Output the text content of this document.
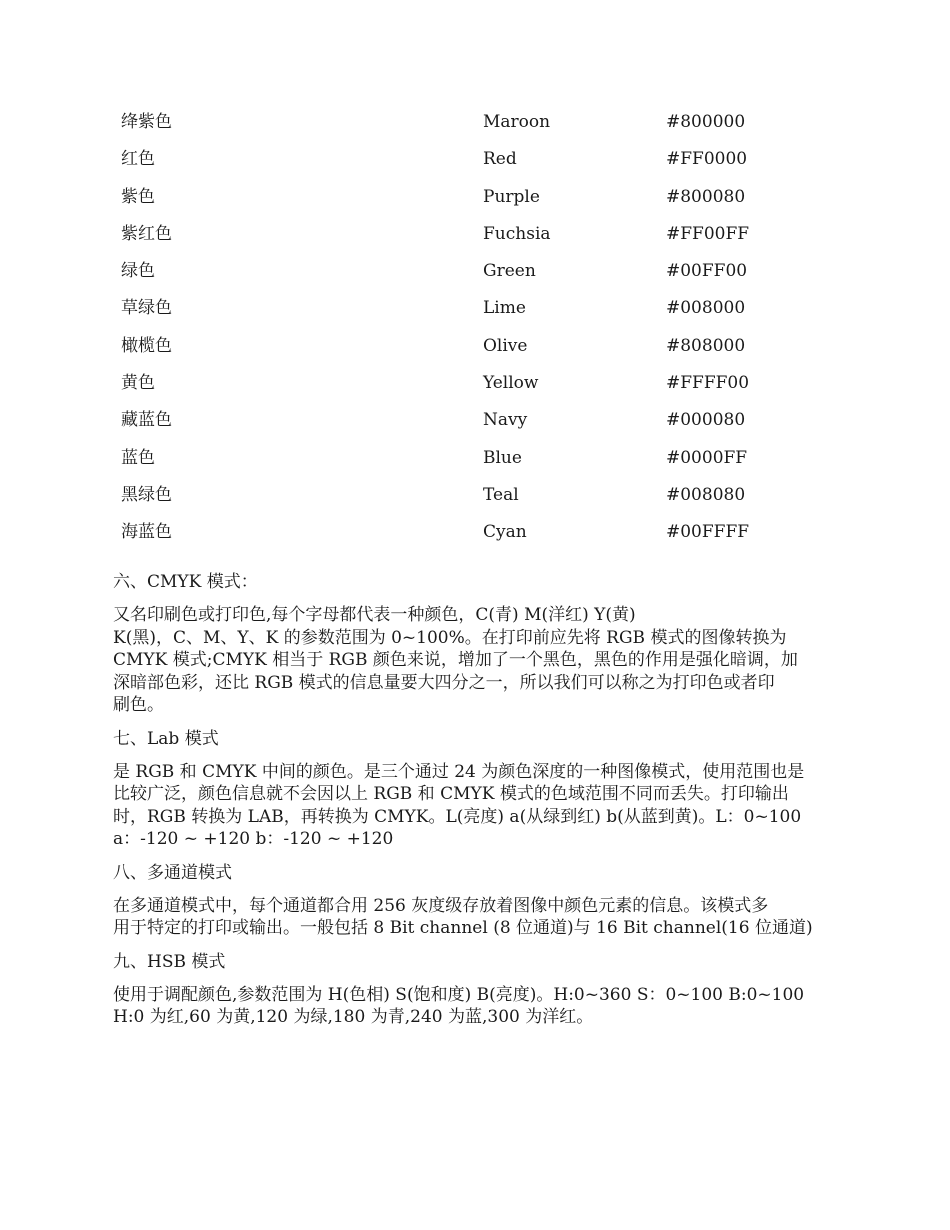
绛紫色	Maroon	#800000
红色	Red	#FF0000
紫色	Purple	#800080
紫红色	Fuchsia	#FF00FF
绿色	Green	#00FF00
草绿色	Lime	#008000
橄榄色	Olive	#808000
黄色	Yellow	#FFFF00
藏蓝色	Navy	#000080
蓝色	Blue	#0000FF
黑绿色	Teal	#008080
海蓝色	Cyan	#00FFFF
六、CMYK 模式：
又名印刷色或打印色,每个字母都代表一种颜色，C(青) M(洋红) Y(黄)
K(黑)，C、M、Y、K 的参数范围为 0~100%。在打印前应先将 RGB 模式的图像转换为
CMYK 模式;CMYK 相当于 RGB 颜色来说，增加了一个黑色，黑色的作用是强化暗调，加
深暗部色彩，还比 RGB 模式的信息量要大四分之一，所以我们可以称之为打印色或者印
刷色。
七、Lab 模式
是 RGB 和 CMYK 中间的颜色。是三个通过 24 为颜色深度的一种图像模式，使用范围也是
比较广泛，颜色信息就不会因以上 RGB 和 CMYK 模式的色域范围不同而丢失。打印输出
时，RGB 转换为 LAB，再转换为 CMYK。L(亮度) a(从绿到红) b(从蓝到黄)。L：0~100
a：-120 ~ +120 b：-120 ~ +120
八、多通道模式
在多通道模式中，每个通道都合用 256 灰度级存放着图像中颜色元素的信息。该模式多
用于特定的打印或输出。一般包括 8 Bit channel (8 位通道)与 16 Bit channel(16 位通道)
九、HSB 模式
使用于调配颜色,参数范围为 H(色相) S(饱和度) B(亮度)。H:0~360 S：0~100 B:0~100
H:0 为红,60 为黄,120 为绿,180 为青,240 为蓝,300 为洋红。
